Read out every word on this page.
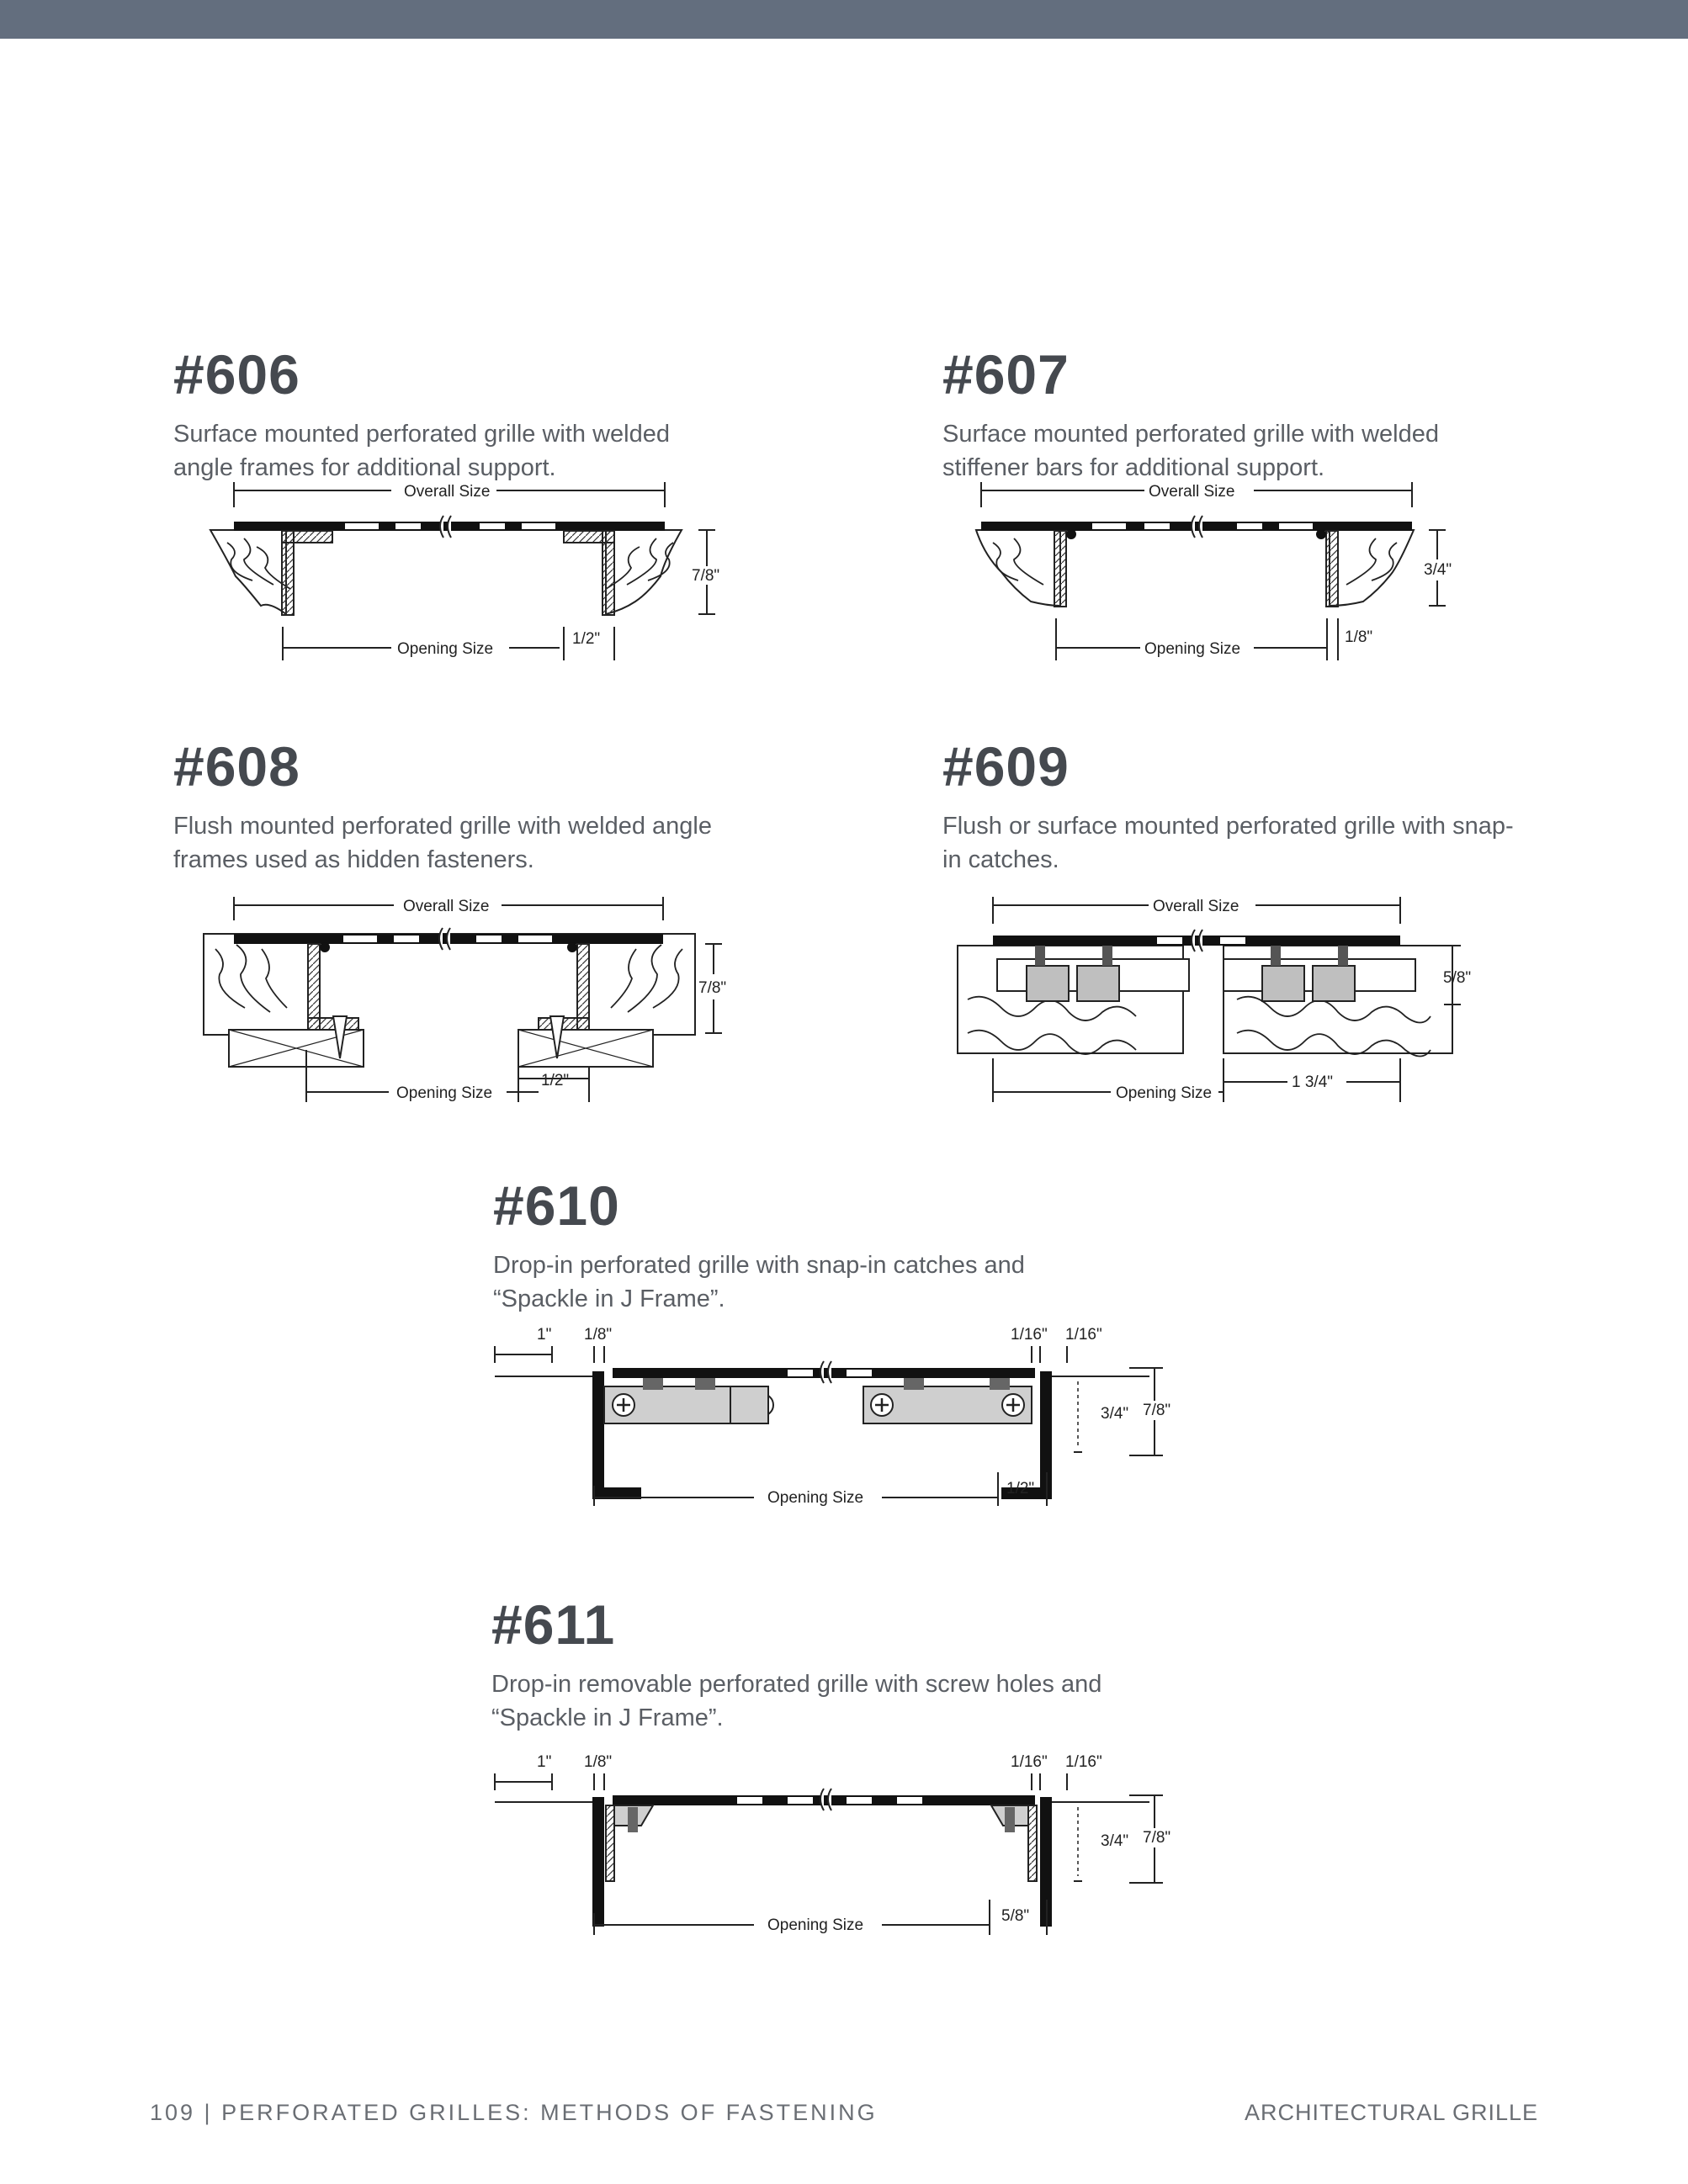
#606
Surface mounted perforated grille with welded
angle frames for additional support.
Overall Size
7/8"
Opening Size
1/2"
#607
Surface mounted perforated grille with welded
stiffener bars for additional support.
Overall Size
3/4"
Opening Size
1/8"
#608
Flush mounted perforated grille with welded angle
frames used as hidden fasteners.
Overall Size
7/8"
Opening Size
1/2"
#609
Flush or surface mounted perforated grille with snap-
in catches.
Overall Size
5/8"
Opening Size
1 3/4"
#610
Drop-in perforated grille with snap-in catches and
“Spackle in J Frame”.
1" 1/8"	1/16" 1/16"
3/4" 7/8"
Opening Size
1/2"
#611
Drop-in removable perforated grille with screw holes and
“Spackle in J Frame”.
1" 1/8"	1/16" 1/16"
3/4" 7/8"
Opening Size
5/8"
109 | PERFORATED GRILLES: METHODS OF FASTENING	ARCHITECTURAL GRILLE
